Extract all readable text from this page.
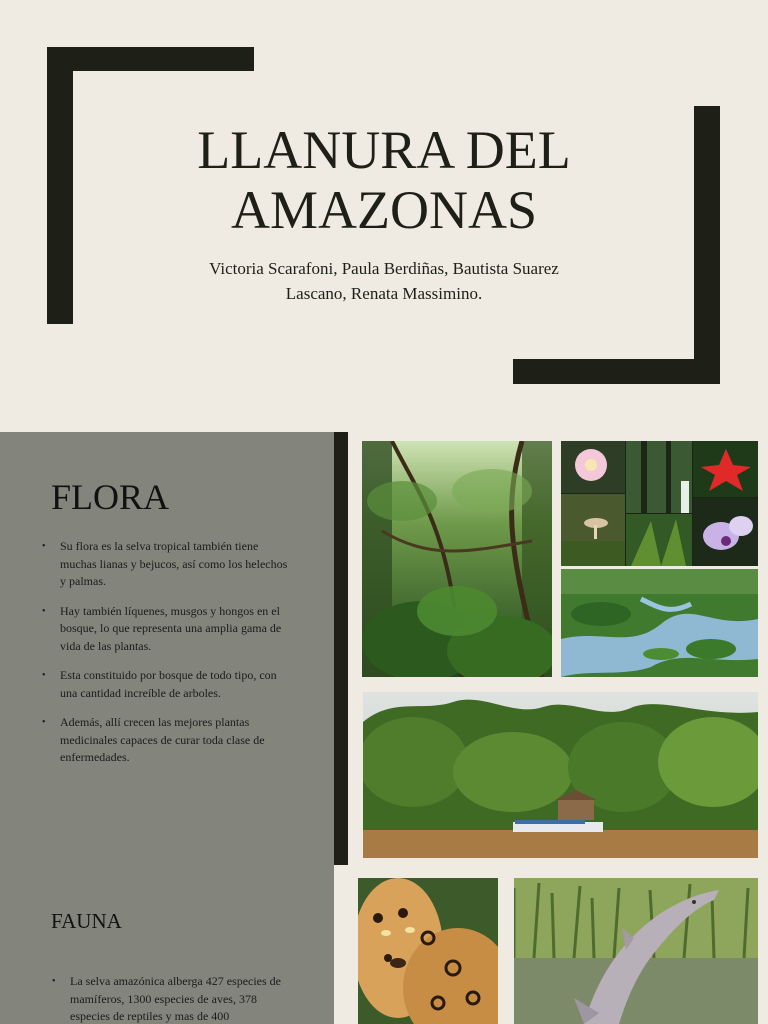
LLANURA DEL
AMAZONAS
Victoria Scarafoni, Paula Berdiñas, Bautista Suarez
Lascano, Renata Massimino.
FLORA
• Su flora es la selva tropical también tiene muchas lianas y bejucos, así como los helechos y palmas.
• Hay también líquenes, musgos y hongos en el bosque, lo que representa una amplia gama de vida de las plantas.
• Esta constituido por bosque de todo tipo, con una cantidad increíble de arboles.
• Además, allí crecen las mejores plantas medicinales capaces de curar toda clase de enfermedades.
FAUNA
• La selva amazónica alberga 427 especies de mamíferos, 1300 especies de aves, 378 especies de reptiles y mas de 400
